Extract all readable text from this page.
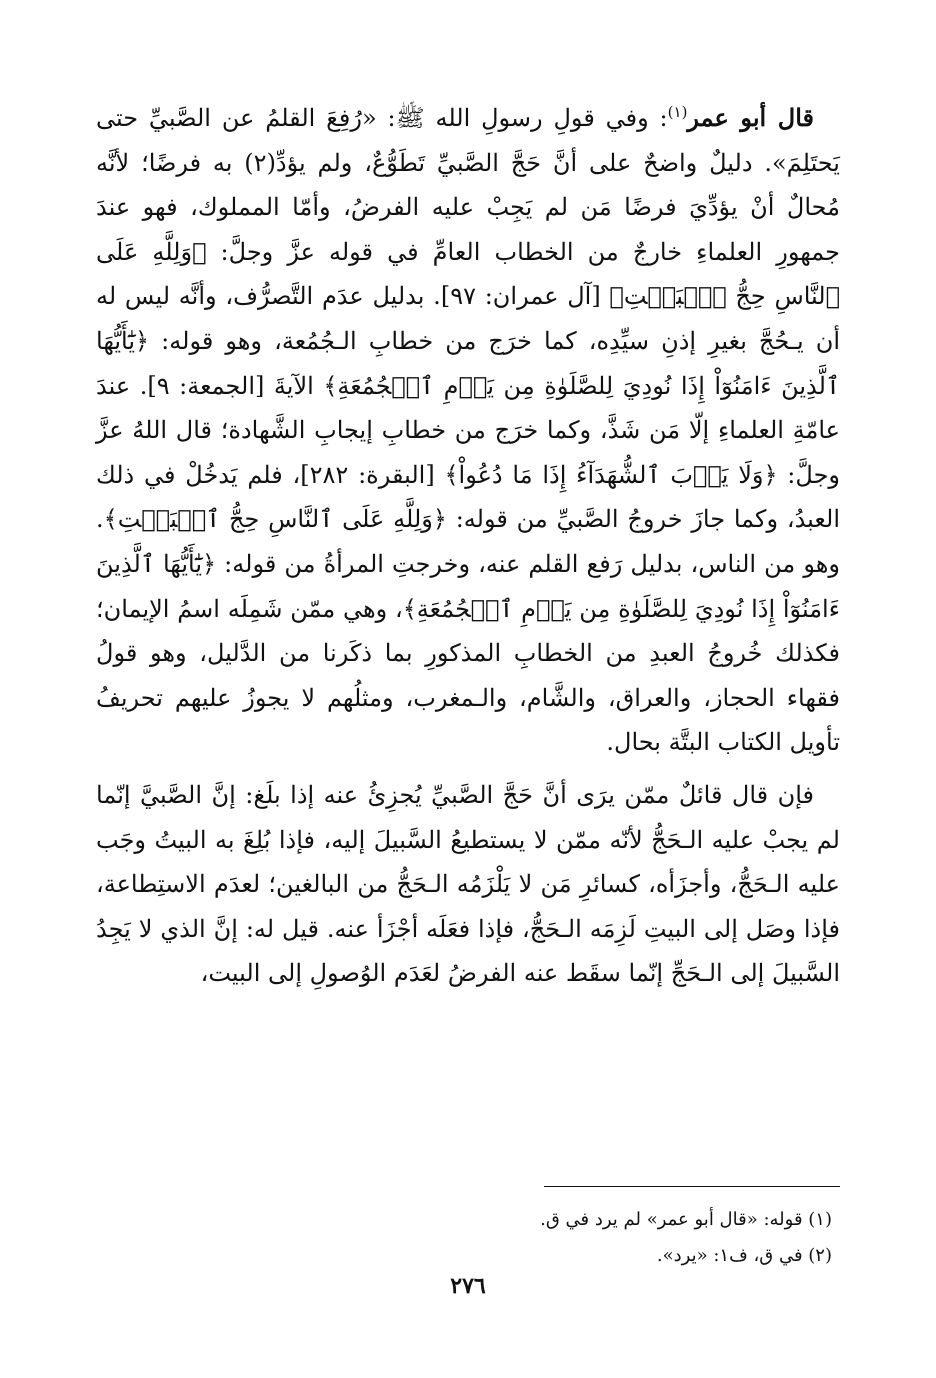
قال أبو عمر$^{(١)}$: وفي قولِ رسولِ الله ﷺ: «رُفِعَ القلمُ عن الصَّبيِّ حتى يَحتَلِمَ». دليلٌ واضحٌ على أنَّ حَجَّ الصَّبيِّ تَطَوُّعٌ، ولم يؤدِّ(٢) به فرضًا؛ لأنَّه مُحالٌ أنْ يؤدِّيَ فرضًا مَن لم يَجِبْ عليه الفرضُ، وأمّا المملوك، فهو عندَ جمهورِ العلماءِ خارجٌ من الخطاب العامِّ في قوله عزَّ وجلَّ: ﴿وَلِلَّهِ عَلَى ٱلنَّاسِ حِجُّ ٱلۡبَيۡتِ﴾ [آل عمران: ٩٧]. بدليل عدَم التَّصرُّف، وأنَّه ليس له أن يـحُجَّ بغيرِ إذنِ سيِّدِه، كما خرَج من خطابِ الـجُمُعة، وهو قوله: ﴿يَٰٓأَيُّهَا ٱلَّذِينَ ءَامَنُوٓاْ إِذَا نُودِيَ لِلصَّلَوٰةِ مِن يَوۡمِ ٱلۡجُمُعَةِ﴾ الآيةَ [الجمعة: ٩]. عندَ عامّةِ العلماءِ إلّا مَن شَذَّ، وكما خرَج من خطابِ إيجابِ الشَّهادة؛ قال اللهُ عزَّ وجلَّ: ﴿وَلَا يَأۡبَ ٱلشُّهَدَآءُ إِذَا مَا دُعُواْ﴾ [البقرة: ٢٨٢]، فلم يَدخُلْ في ذلك العبدُ، وكما جازَ خروجُ الصَّبيِّ من قوله: ﴿وَلِلَّهِ عَلَى ٱلنَّاسِ حِجُّ ٱلۡبَيۡتِ﴾. وهو من الناس، بدليل رَفع القلم عنه، وخرجتِ المرأةُ من قوله: ﴿يَٰٓأَيُّهَا ٱلَّذِينَ ءَامَنُوٓاْ إِذَا نُودِيَ لِلصَّلَوٰةِ مِن يَوۡمِ ٱلۡجُمُعَةِ﴾، وهي ممّن شَمِلَه اسمُ الإيمان؛ فكذلك خُروجُ العبدِ من الخطابِ المذكورِ بما ذكَرنا من الدَّليل، وهو قولُ فقهاء الحجاز، والعراق، والشَّام، والـمغرب، ومثلُهم لا يجوزُ عليهم تحريفُ تأويل الكتاب البتَّة بحال.

فإن قال قائلٌ ممّن يرَى أنَّ حَجَّ الصَّبيِّ يُجزِئُ عنه إذا بلَغ: إنَّ الصَّبيَّ إنّما لم يجبْ عليه الـحَجُّ لأنّه ممّن لا يستطيعُ السَّبيلَ إليه، فإذا بُلِغَ به البيتُ وجَب عليه الـحَجُّ، وأجزَأه، كسائرِ مَن لا يَلْزَمُه الـحَجُّ من البالغين؛ لعدَم الاستِطاعة، فإذا وصَل إلى البيتِ لَزِمَه الـحَجُّ، فإذا فعَلَه أجْزَأ عنه. قيل له: إنَّ الذي لا يَجِدُ السَّبيلَ إلى الـحَجِّ إنّما سقَط عنه الفرضُ لعَدَم الوُصولِ إلى البيت،

(١) قوله: «قال أبو عمر» لم يرد في ق.

(٢) في ق، ف١: «يرد».

٢٧٦
